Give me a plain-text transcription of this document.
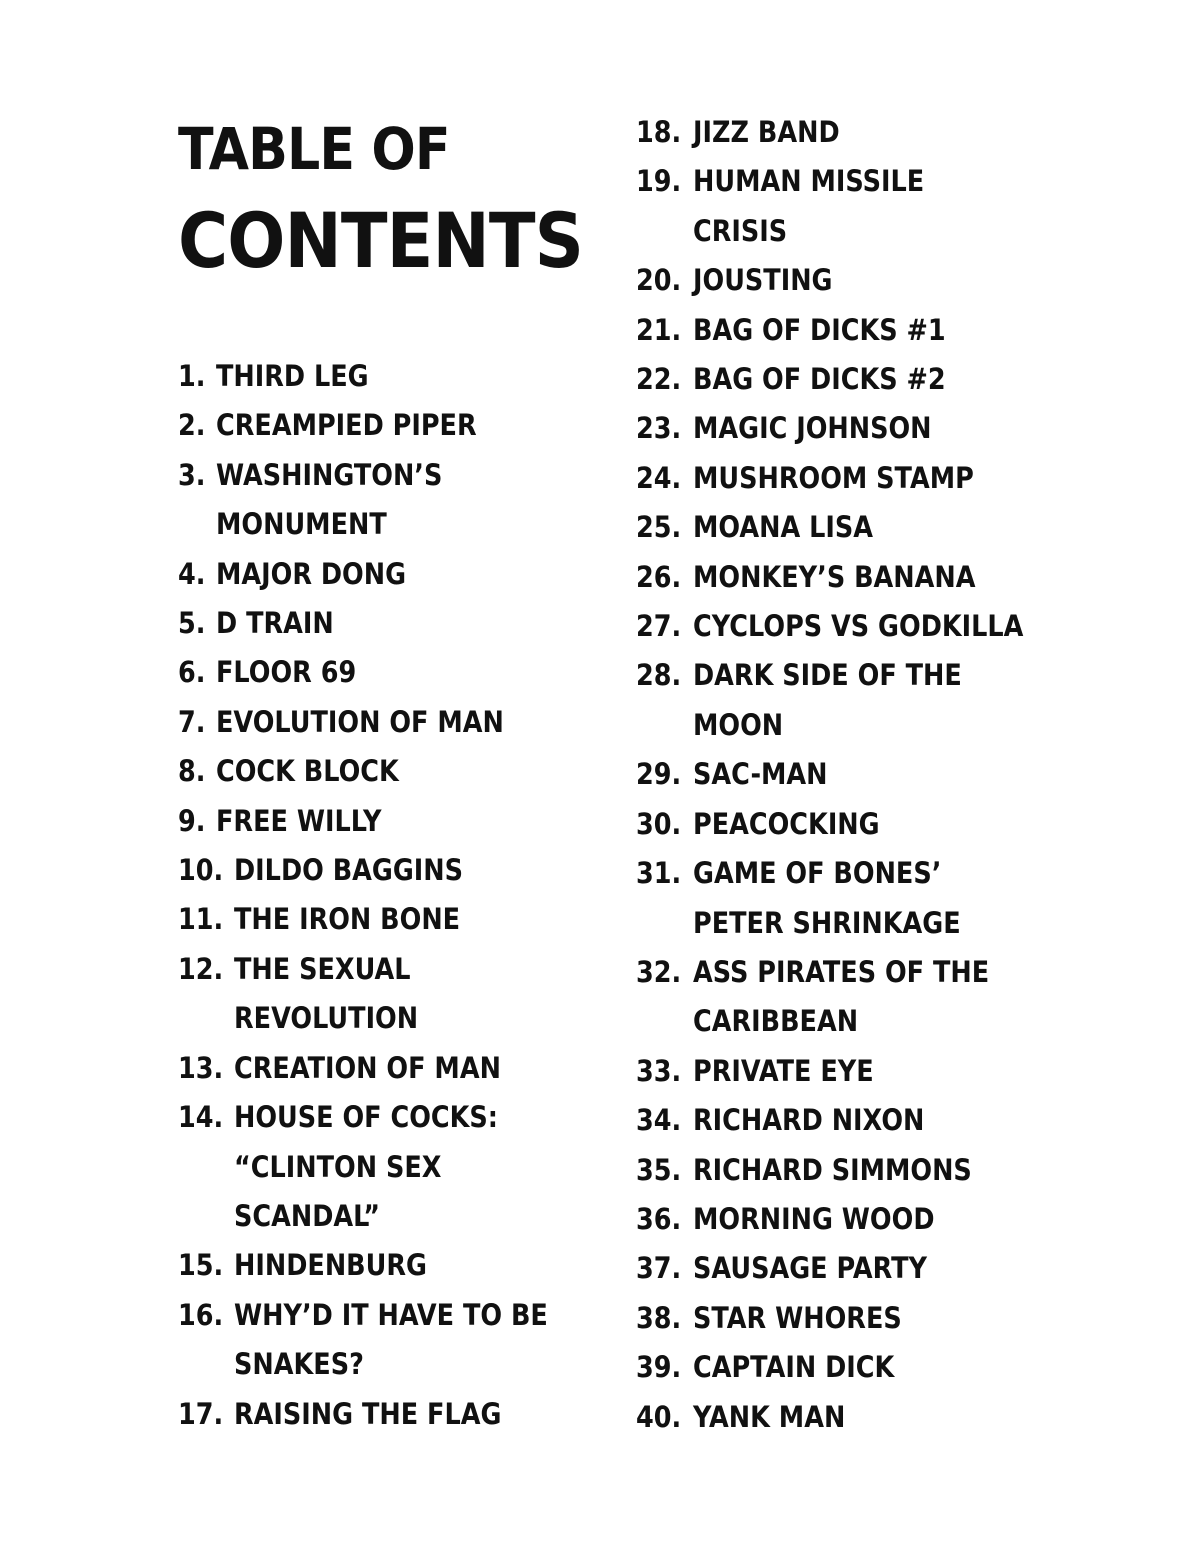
TABLE OF
CONTENTS
1. THIRD LEG
2. CREAMPIED PIPER
3. WASHINGTON’S
MONUMENT
4. MAJOR DONG
5. D TRAIN
6. FLOOR 69
7. EVOLUTION OF MAN
8. COCK BLOCK
9. FREE WILLY
10. DILDO BAGGINS
11. THE IRON BONE
12. THE SEXUAL
REVOLUTION
13. CREATION OF MAN
14. HOUSE OF COCKS:
“CLINTON SEX
SCANDAL”
15. HINDENBURG
16. WHY’D IT HAVE TO BE
SNAKES?
17. RAISING THE FLAG
18. JIZZ BAND
19. HUMAN MISSILE
CRISIS
20. JOUSTING
21. BAG OF DICKS #1
22. BAG OF DICKS #2
23. MAGIC JOHNSON
24. MUSHROOM STAMP
25. MOANA LISA
26. MONKEY’S BANANA
27. CYCLOPS VS GODKILLA
28. DARK SIDE OF THE
MOON
29. SAC-MAN
30. PEACOCKING
31. GAME OF BONES’
PETER SHRINKAGE
32. ASS PIRATES OF THE
CARIBBEAN
33. PRIVATE EYE
34. RICHARD NIXON
35. RICHARD SIMMONS
36. MORNING WOOD
37. SAUSAGE PARTY
38. STAR WHORES
39. CAPTAIN DICK
40. YANK MAN
